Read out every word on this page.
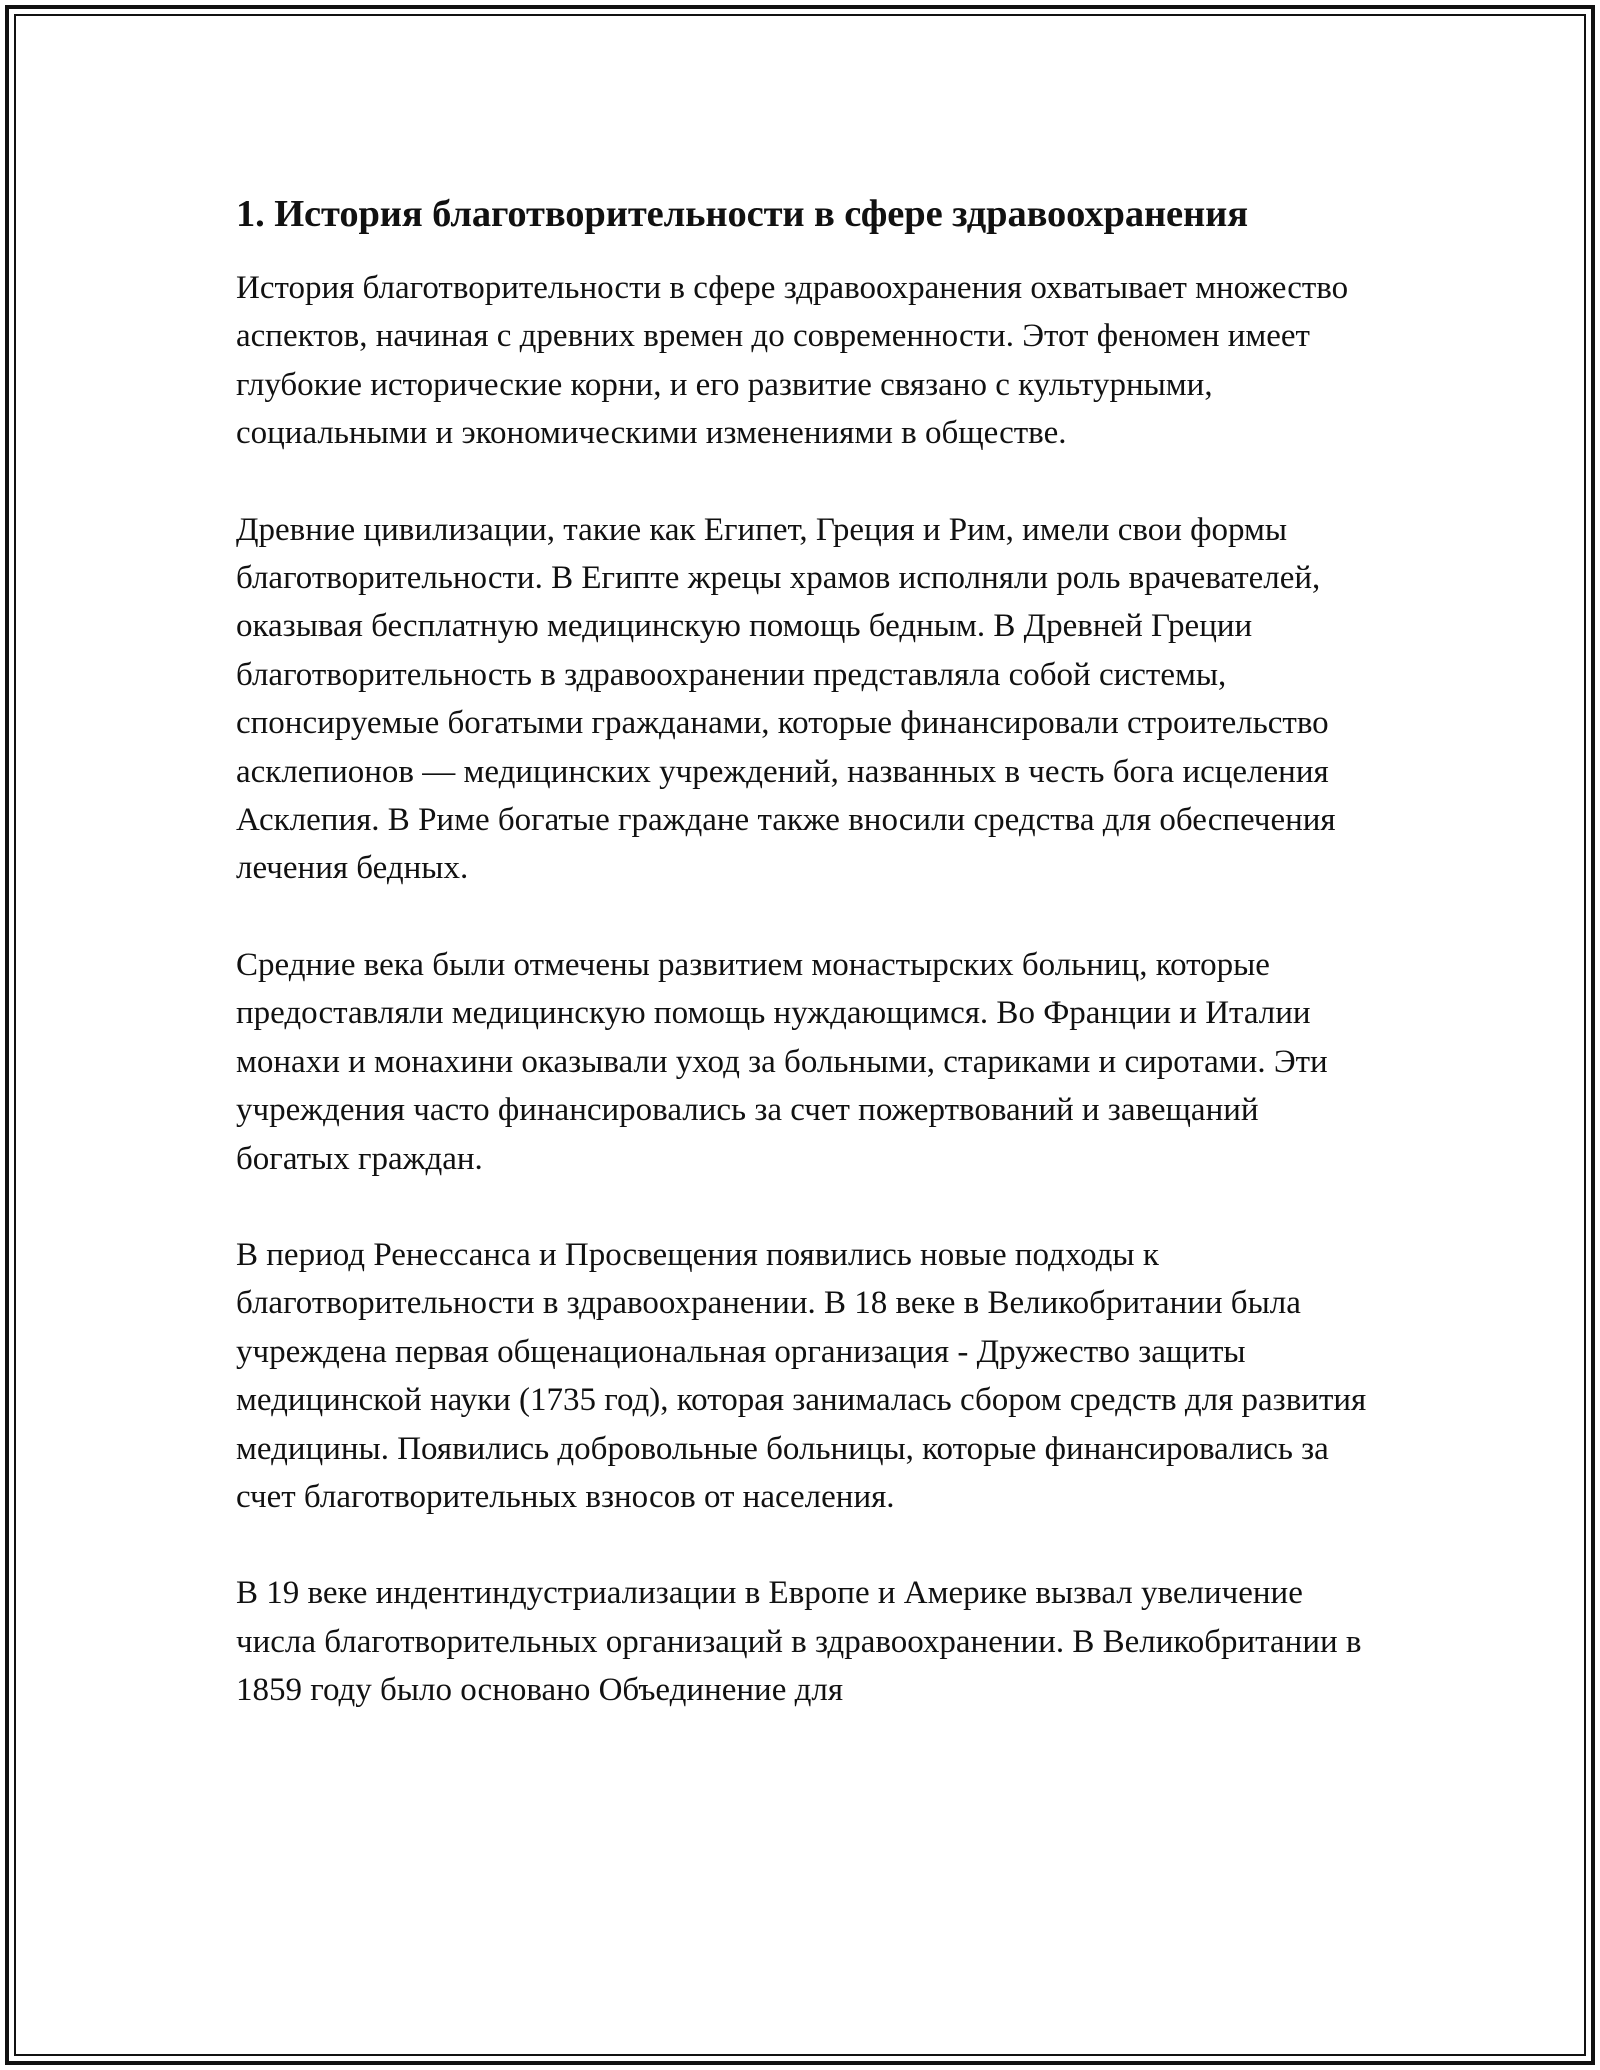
1. История благотворительности в сфере здравоохранения

История благотворительности в сфере здравоохранения охватывает множество аспектов, начиная с древних времен до современности. Этот феномен имеет глубокие исторические корни, и его развитие связано с культурными, социальными и экономическими изменениями в обществе.

Древние цивилизации, такие как Египет, Греция и Рим, имели свои формы благотворительности. В Египте жрецы храмов исполняли роль врачевателей, оказывая бесплатную медицинскую помощь бедным. В Древней Греции благотворительность в здравоохранении представляла собой системы, спонсируемые богатыми гражданами, которые финансировали строительство асклепионов — медицинских учреждений, названных в честь бога исцеления Асклепия. В Риме богатые граждане также вносили средства для обеспечения лечения бедных.

Средние века были отмечены развитием монастырских больниц, которые предоставляли медицинскую помощь нуждающимся. Во Франции и Италии монахи и монахини оказывали уход за больными, стариками и сиротами. Эти учреждения часто финансировались за счет пожертвований и завещаний богатых граждан.

В период Ренессанса и Просвещения появились новые подходы к благотворительности в здравоохранении. В 18 веке в Великобритании была учреждена первая общенациональная организация - Дружество защиты медицинской науки (1735 год), которая занималась сбором средств для развития медицины. Появились добровольные больницы, которые финансировались за счет благотворительных взносов от населения.

В 19 веке индентиндустриализации в Европе и Америке вызвал увеличение числа благотворительных организаций в здравоохранении. В Великобритании в 1859 году было основано Объединение для
